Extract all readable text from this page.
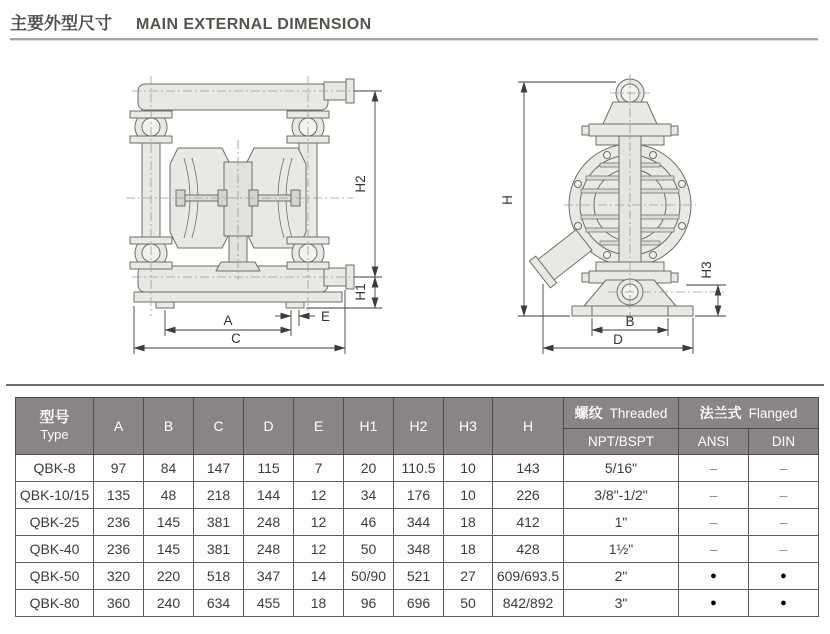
主要外型尺寸 MAIN EXTERNAL DIMENSION
H2
H1
A	E
C
H
H3
B
D
型号
Type	A	B	C	D	E	H1	H2	H3	H	螺纹 Threaded	法兰式 Flanged	
										NPT/BSPT	ANSI	DIN
QBK-8	97	84	147	115	7	20	110.5	10	143	5/16"	–	–
QBK-10/15	135	48	218	144	12	34	176	10	226	3/8"-1/2"	–	–
QBK-25	236	145	381	248	12	46	344	18	412	1"	–	–
QBK-40	236	145	381	248	12	50	348	18	428	1½"	–	–
QBK-50	320	220	518	347	14	50/90	521	27	609/693.5	2"	●	●
QBK-80	360	240	634	455	18	96	696	50	842/892	3"	●	●
